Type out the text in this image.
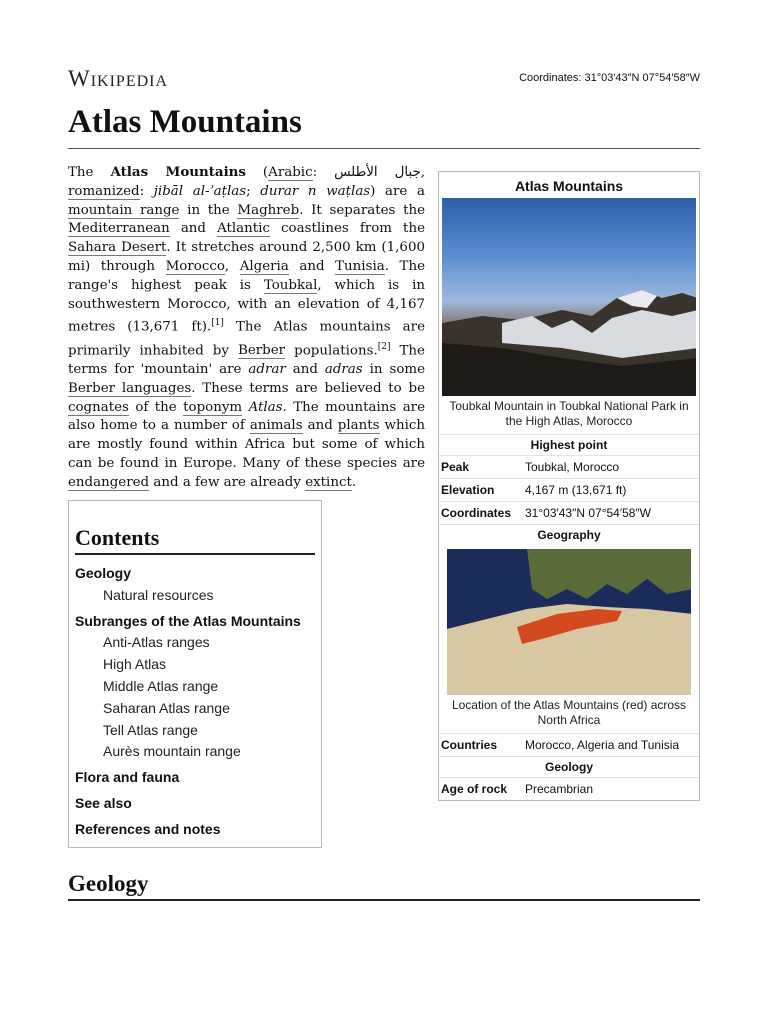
Wikipedia	Coordinates: 31°03′43″N 07°54′58″W
Atlas Mountains
The Atlas Mountains (Arabic: جبال الأطلس, romanized: jibāl al-ʾaṭlas; durar n waṭlas) are a mountain range in the Maghreb. It separates the Mediterranean and Atlantic coastlines from the Sahara Desert. It stretches around 2,500 km (1,600 mi) through Morocco, Algeria and Tunisia. The range's highest peak is Toubkal, which is in southwestern Morocco, with an elevation of 4,167 metres (13,671 ft).[1] The Atlas mountains are primarily inhabited by Berber populations.[2] The terms for 'mountain' are adrar and adras in some Berber languages. These terms are believed to be cognates of the toponym Atlas. The mountains are also home to a number of animals and plants which are mostly found within Africa but some of which can be found in Europe. Many of these species are endangered and a few are already extinct.
Atlas Mountains
Toubkal Mountain in Toubkal National Park in the High Atlas, Morocco
Highest point
Peak	Toubkal, Morocco
Elevation	4,167 m (13,671 ft)
Coordinates	31°03′43″N 07°54′58″W
Geography
Location of the Atlas Mountains (red) across North Africa
Countries	Morocco, Algeria and Tunisia
Geology
Age of rock	Precambrian
Contents
Geology
Natural resources
Subranges of the Atlas Mountains
Anti-Atlas ranges
High Atlas
Middle Atlas range
Saharan Atlas range
Tell Atlas range
Aurès mountain range
Flora and fauna
See also
References and notes
Geology
